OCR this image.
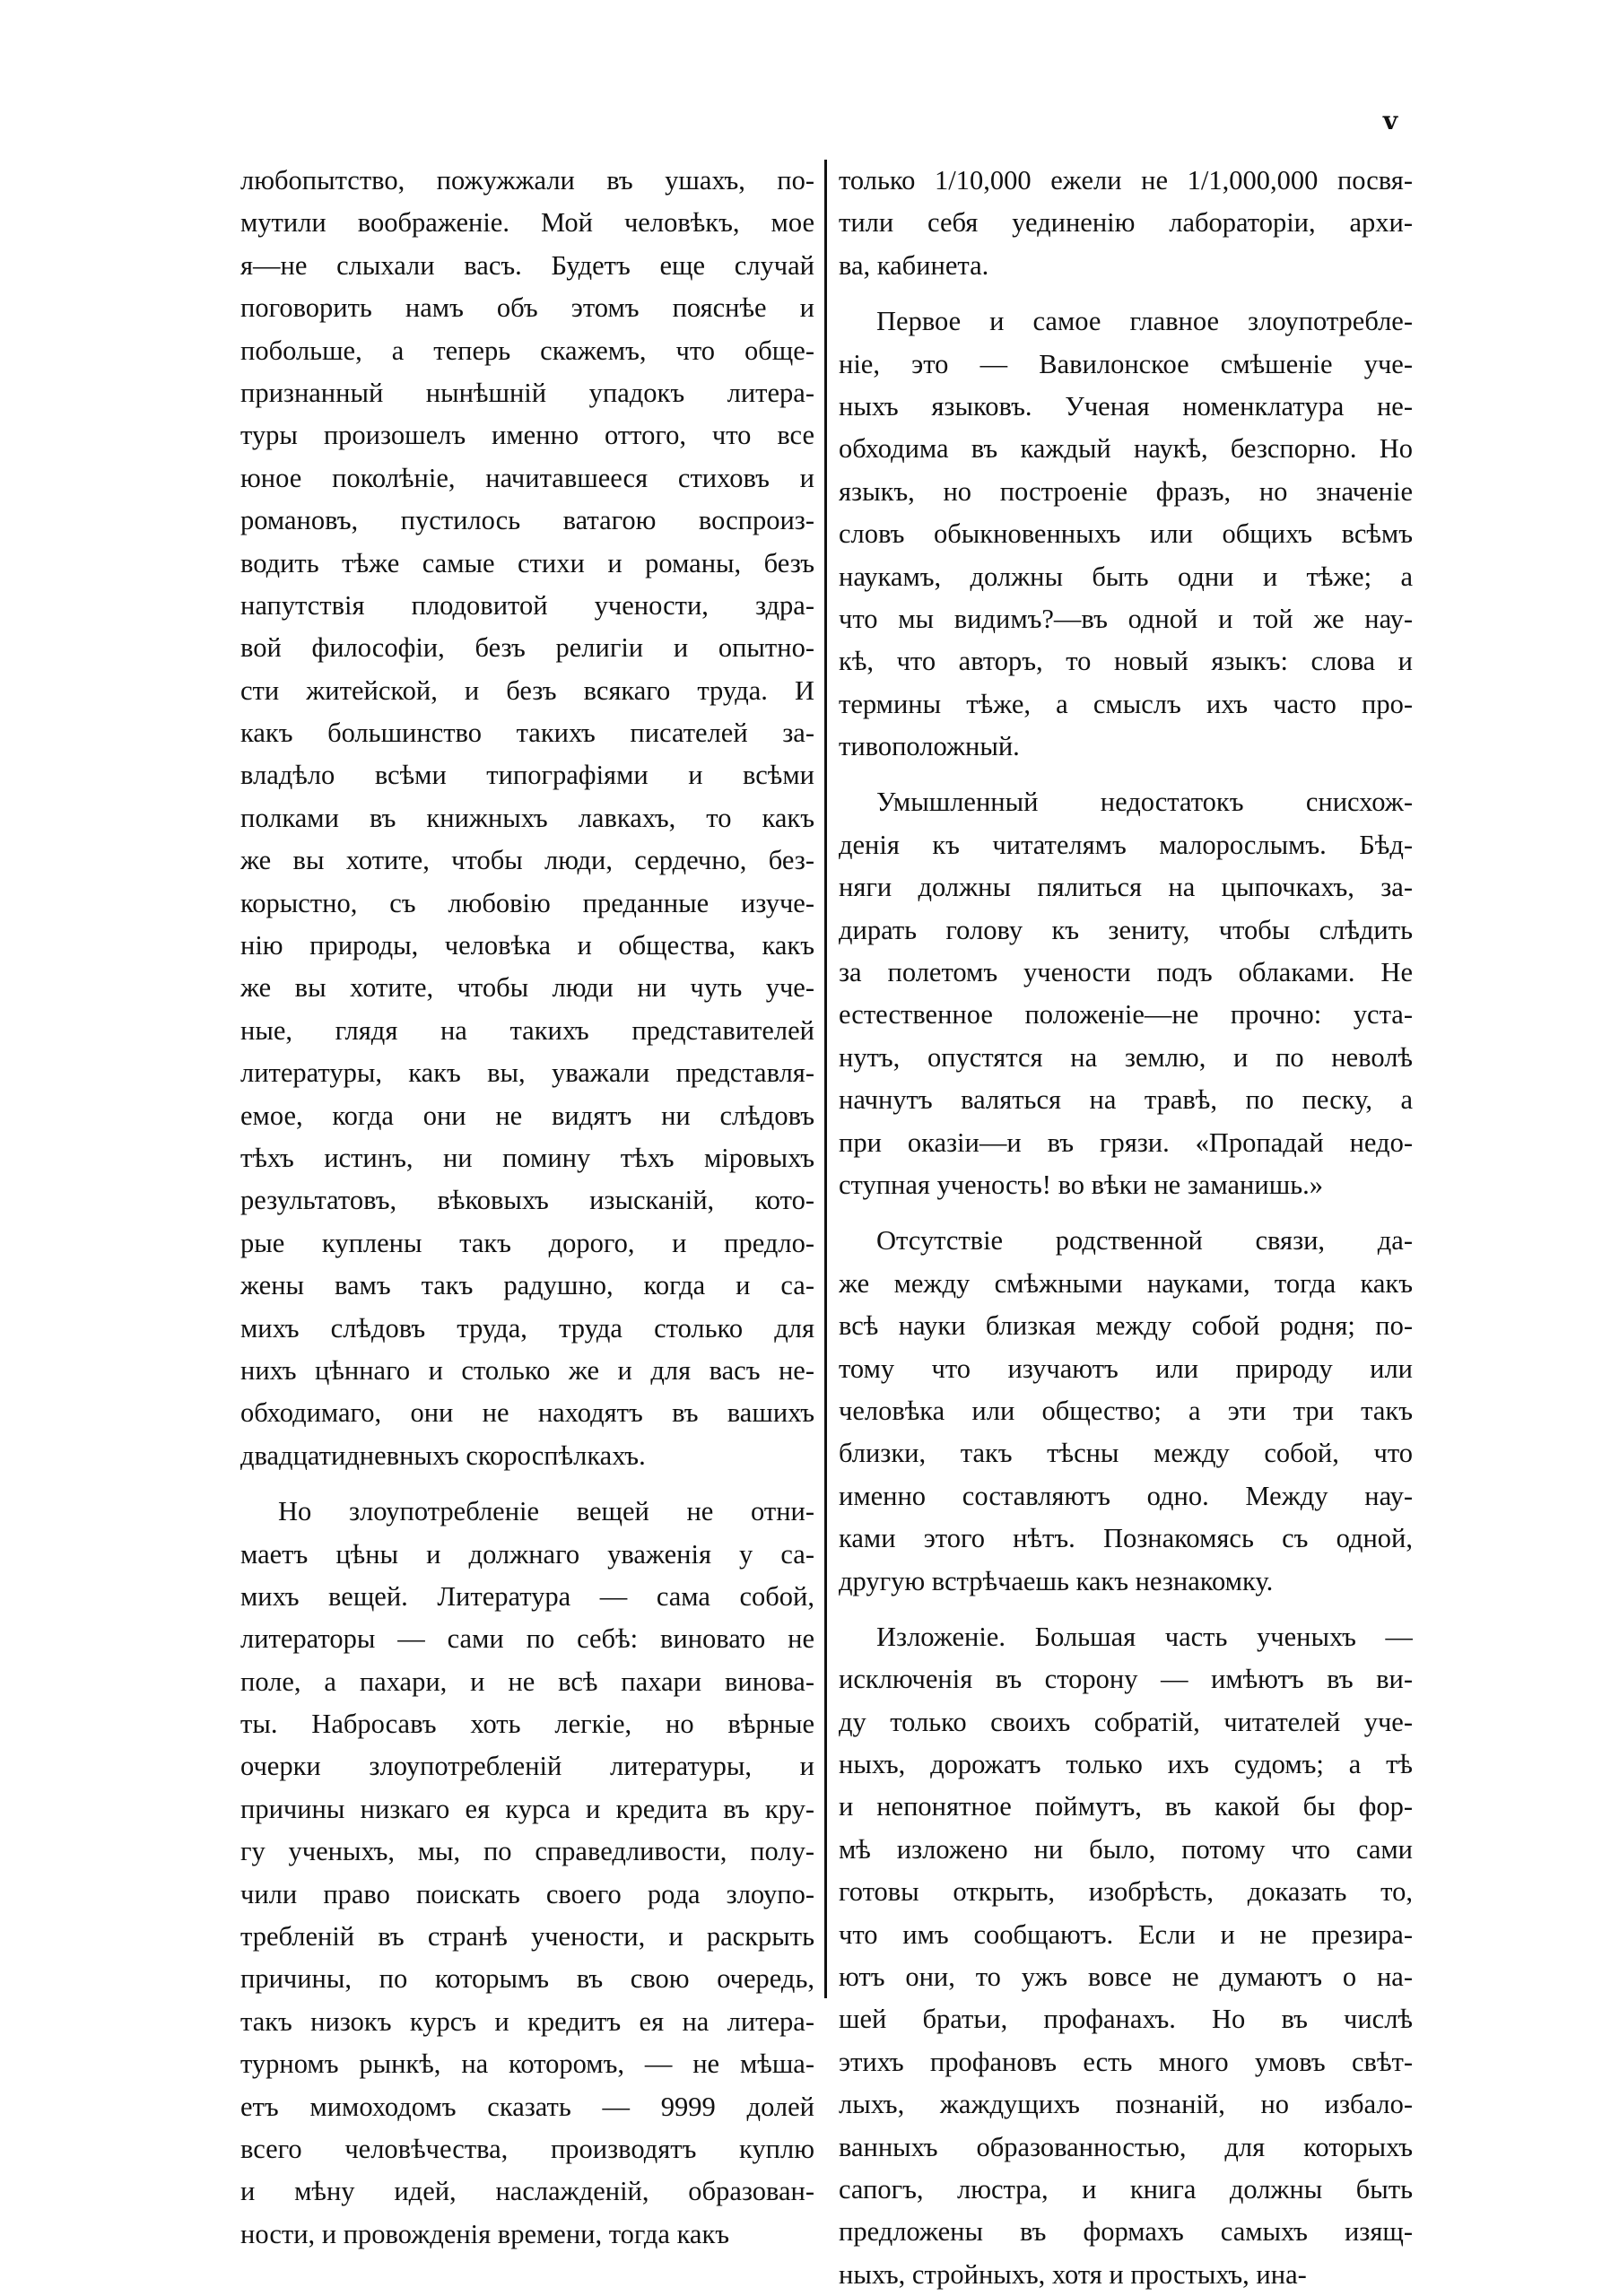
v
любопытство, пожужжали въ ушахъ, по-
мутили воображеніе. Мой человѣкъ, мое
я—не слыхали васъ. Будетъ еще случай
поговорить намъ объ этомъ пояснѣе и
побольше, а теперь скажемъ, что обще-
признанный нынѣшній упадокъ литера-
туры произошелъ именно оттого, что все
юное поколѣніе, начитавшееся стиховъ и
романовъ, пустилось ватагою воспроиз-
водить тѣже самые стихи и романы, безъ
напутствія плодовитой учености, здра-
вой философіи, безъ религіи и опытно-
сти житейской, и безъ всякаго труда. И
какъ большинство такихъ писателей за-
владѣло всѣми типографіями и всѣми
полками въ книжныхъ лавкахъ, то какъ
же вы хотите, чтобы люди, сердечно, без-
корыстно, съ любовію преданные изуче-
нію природы, человѣка и общества, какъ
же вы хотите, чтобы люди ни чуть уче-
ные, глядя на такихъ представителей
литературы, какъ вы, уважали представля-
емое, когда они не видятъ ни слѣдовъ
тѣхъ истинъ, ни помину тѣхъ міровыхъ
результатовъ, вѣковыхъ изысканій, кото-
рые куплены такъ дорого, и предло-
жены вамъ такъ радушно, когда и са-
михъ слѣдовъ труда, труда столько для
нихъ цѣннаго и столько же и для васъ не-
обходимаго, они не находятъ въ вашихъ
двадцатидневныхъ скороспѣлкахъ.
Но злоупотребленіе вещей не отни-
маетъ цѣны и должнаго уваженія у са-
михъ вещей. Литература — сама собой,
литераторы — сами по себѣ: виновато не
поле, а пахари, и не всѣ пахари винова-
ты. Набросавъ хоть легкіе, но вѣрные
очерки злоупотребленій литературы, и
причины низкаго ея курса и кредита въ кру-
гу ученыхъ, мы, по справедливости, полу-
чили право поискать своего рода злоупо-
требленій въ странѣ учености, и раскрыть
причины, по которымъ въ свою очередь,
такъ низокъ курсъ и кредитъ ея на литера-
турномъ рынкѣ, на которомъ, — не мѣша-
етъ мимоходомъ сказать — 9999 долей
всего человѣчества, производятъ куплю
и мѣну идей, наслажденій, образован-
ности, и провожденія времени, тогда какъ
только 1/10,000 ежели не 1/1,000,000 посвя-
тили себя уединенію лабораторіи, архи-
ва, кабинета.
Первое и самое главное злоупотребле-
ніе, это — Вавилонское смѣшеніе уче-
ныхъ языковъ. Ученая номенклатура не-
обходима въ каждый наукѣ, безспорно. Но
языкъ, но построеніе фразъ, но значеніе
словъ обыкновенныхъ или общихъ всѣмъ
наукамъ, должны быть одни и тѣже; а
что мы видимъ?—въ одной и той же нау-
кѣ, что авторъ, то новый языкъ: слова и
термины тѣже, а смыслъ ихъ часто про-
тивоположный.
Умышленный недостатокъ снисхож-
денія къ читателямъ малорослымъ. Бѣд-
няги должны пялиться на цыпочкахъ, за-
дирать голову къ зениту, чтобы слѣдить
за полетомъ учености подъ облаками. Не
естественное положеніе—не прочно: уста-
нутъ, опустятся на землю, и по неволѣ
начнутъ валяться на травѣ, по песку, а
при оказіи—и въ грязи. «Пропадай недо-
ступная ученость! во вѣки не заманишь.»
Отсутствіе родственной связи, да-
же между смѣжными науками, тогда какъ
всѣ науки близкая между собой родня; по-
тому что изучаютъ или природу или
человѣка или общество; а эти три такъ
близки, такъ тѣсны между собой, что
именно составляютъ одно. Между нау-
ками этого нѣтъ. Познакомясь съ одной,
другую встрѣчаешь какъ незнакомку.
Изложеніе. Большая часть ученыхъ —
исключенія въ сторону — имѣютъ въ ви-
ду только своихъ собратій, читателей уче-
ныхъ, дорожатъ только ихъ судомъ; а тѣ
и непонятное поймутъ, въ какой бы фор-
мѣ изложено ни было, потому что сами
готовы открыть, изобрѣсть, доказать то,
что имъ сообщаютъ. Если и не презира-
ютъ они, то ужъ вовсе не думаютъ о на-
шей братьи, профанахъ. Но въ числѣ
этихъ профановъ есть много умовъ свѣт-
лыхъ, жаждущихъ познаній, но избало-
ванныхъ образованностью, для которыхъ
сапогъ, люстра, и книга должны быть
предложены въ формахъ самыхъ изящ-
ныхъ, стройныхъ, хотя и простыхъ, ина-
